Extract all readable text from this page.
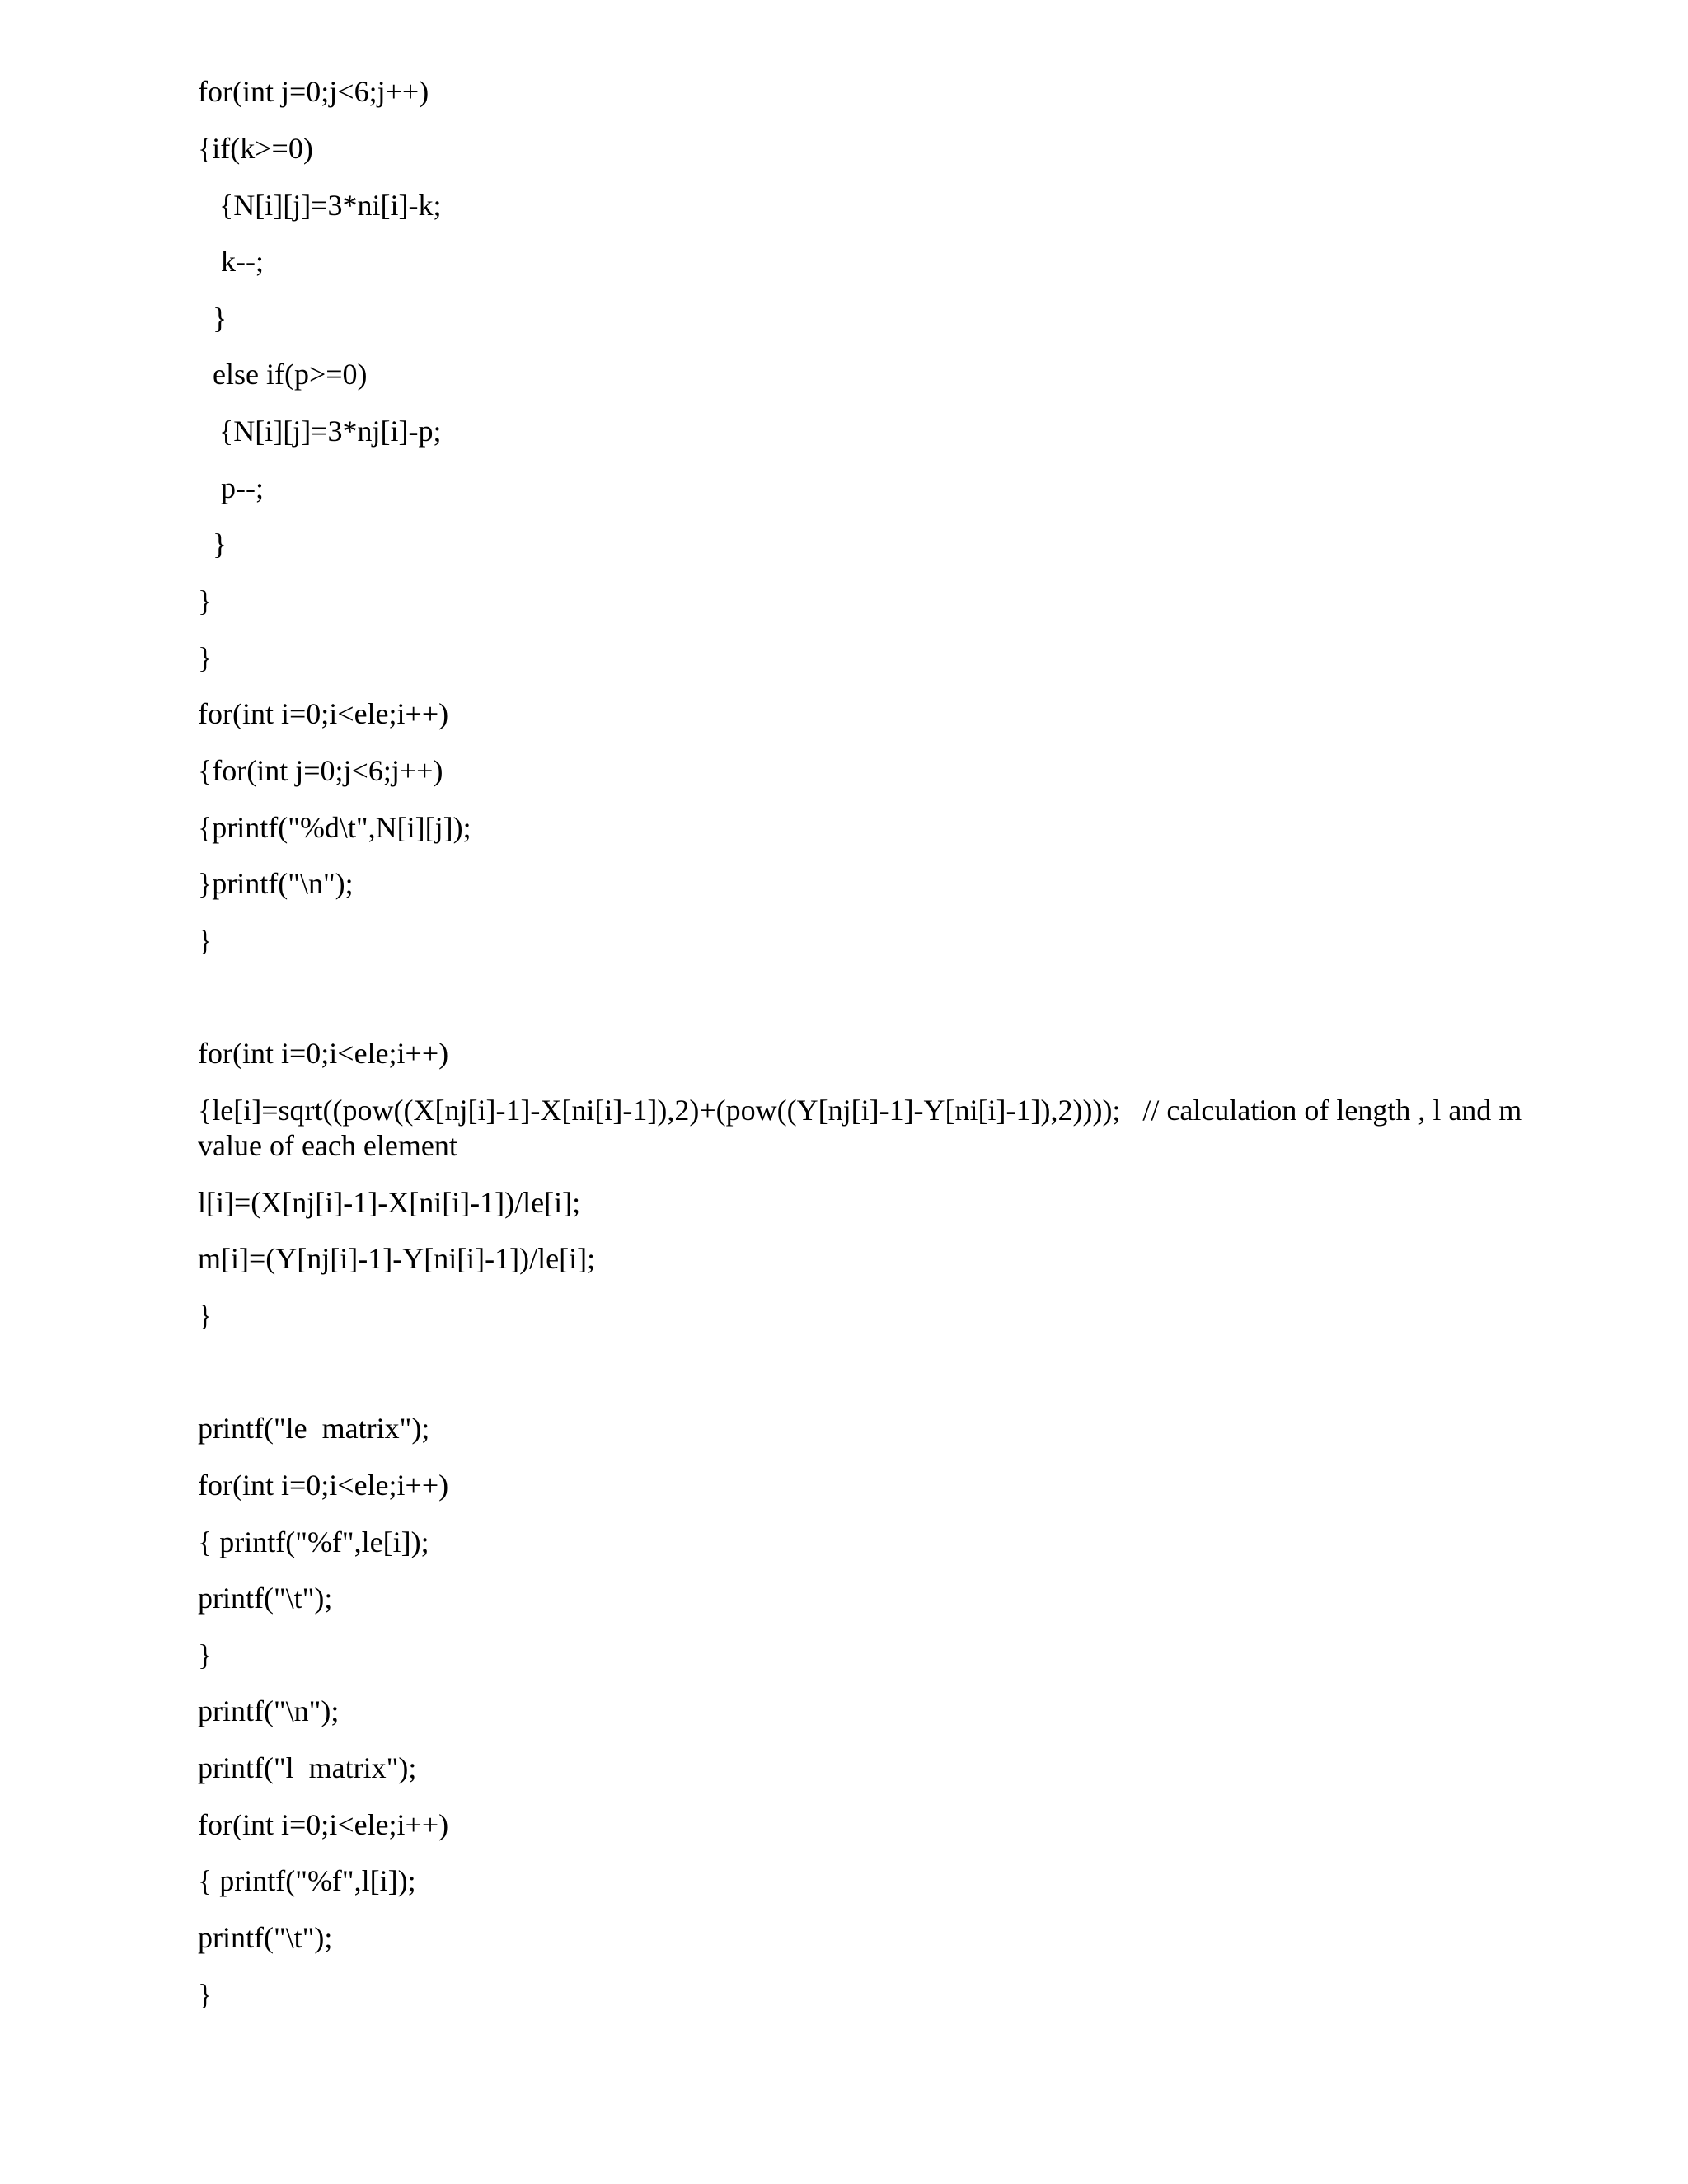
for(int j=0;j<6;j++)
{if(k>=0)
{N[i][j]=3*ni[i]-k;
k--;
}
else if(p>=0)
{N[i][j]=3*nj[i]-p;
p--;
}
}
}
for(int i=0;i<ele;i++)
{for(int j=0;j<6;j++)
{printf("%d\t",N[i][j]);
}printf("\n");
}
for(int i=0;i<ele;i++)
{le[i]=sqrt((pow((X[nj[i]-1]-X[ni[i]-1]),2)+(pow((Y[nj[i]-1]-Y[ni[i]-1]),2))));   // calculation of length , l and m
value of each element
l[i]=(X[nj[i]-1]-X[ni[i]-1])/le[i];
m[i]=(Y[nj[i]-1]-Y[ni[i]-1])/le[i];
}
printf("le  matrix");
for(int i=0;i<ele;i++)
{ printf("%f",le[i]);
printf("\t");
}
printf("\n");
printf("l  matrix");
for(int i=0;i<ele;i++)
{ printf("%f",l[i]);
printf("\t");
}
